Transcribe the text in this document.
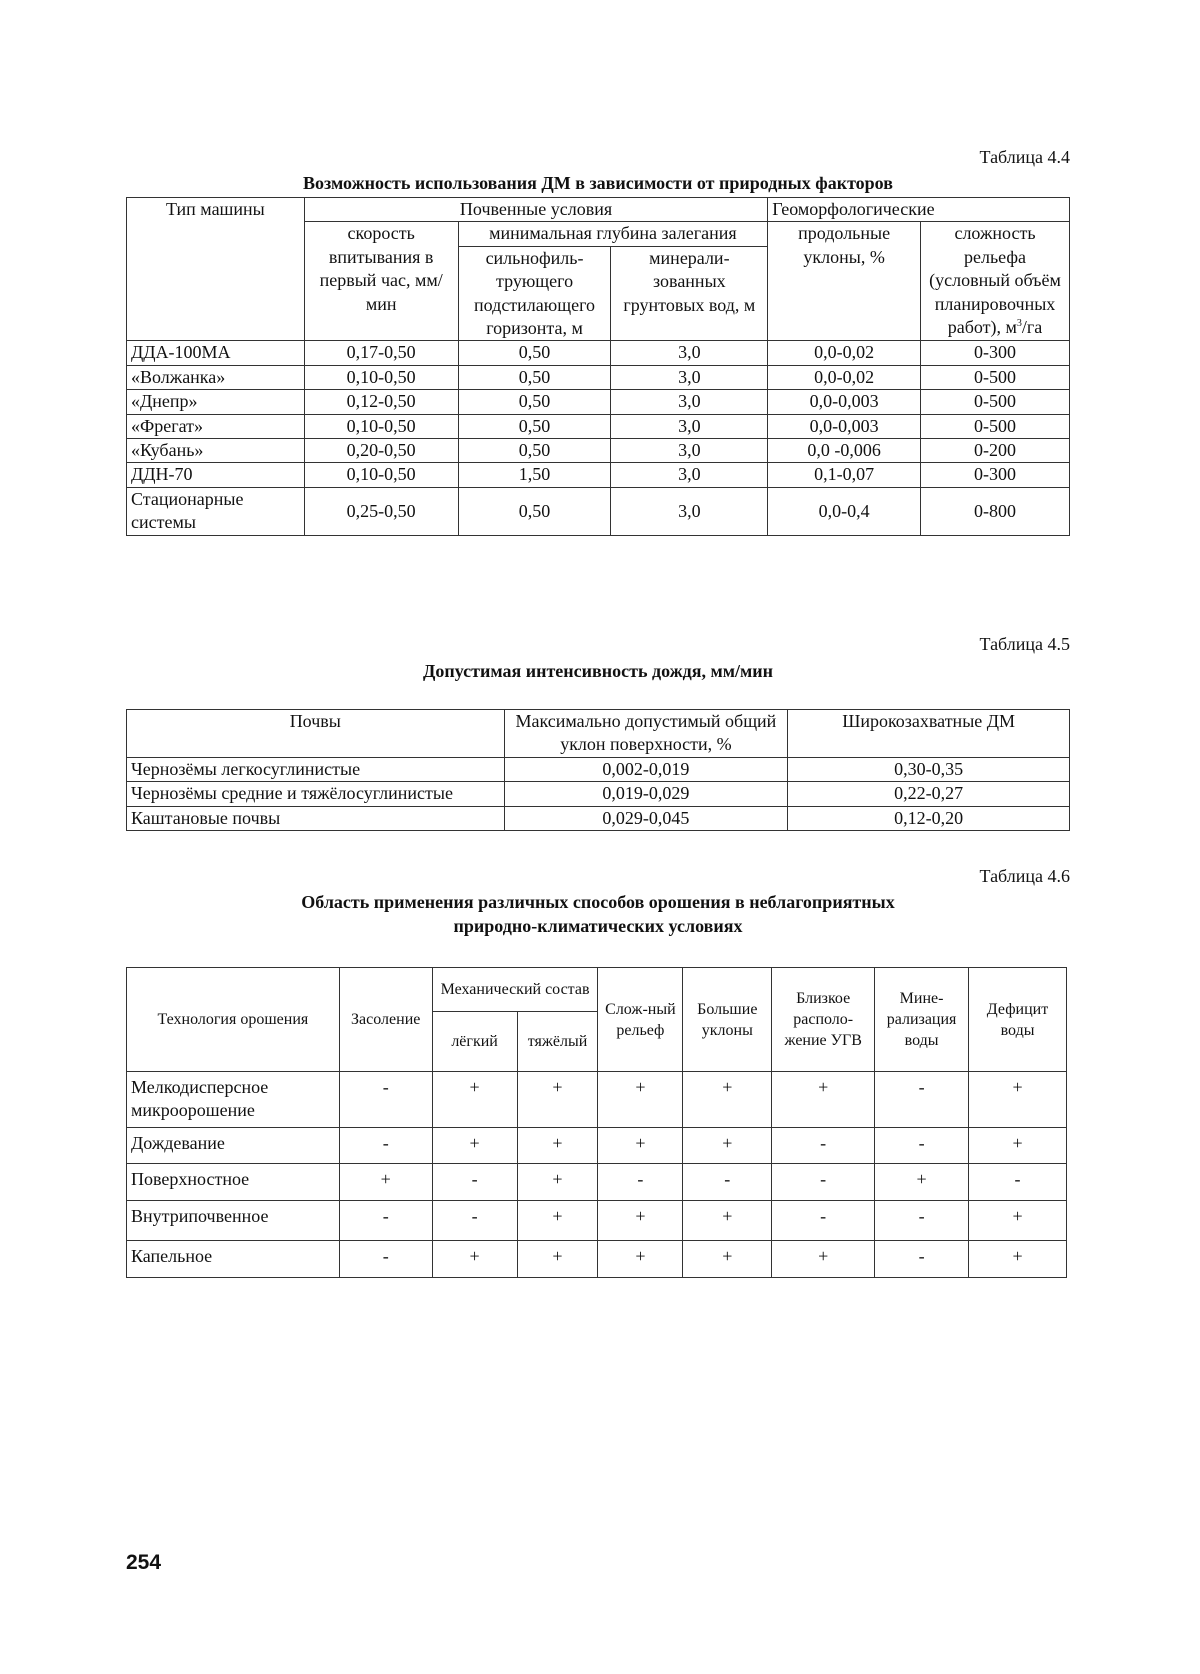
Таблица 4.4
Возможность использования ДМ в зависимости от природных факторов
Тип машины	Почвенные условия			Геоморфологические	
	скорость впитывания в первый час, мм/мин	минимальная глубина залегания		продольные уклоны, %	сложность рельефа (условный объём планировочных работ), $м^3/га$
		сильнофиль-трующего подстилающего горизонта, м	минерали-зованных грунтовых вод, м		
ДДА-100МА	0,17-0,50	0,50	3,0	0,0-0,02	0-300
«Волжанка»	0,10-0,50	0,50	3,0	0,0-0,02	0-500
«Днепр»	0,12-0,50	0,50	3,0	0,0-0,003	0-500
«Фрегат»	0,10-0,50	0,50	3,0	0,0-0,003	0-500
«Кубань»	0,20-0,50	0,50	3,0	0,0 -0,006	0-200
ДДН-70	0,10-0,50	1,50	3,0	0,1-0,07	0-300
Стационарные системы	0,25-0,50	0,50	3,0	0,0-0,4	0-800
Таблица 4.5
Допустимая интенсивность дождя, мм/мин
Почвы	Максимально допустимый общий уклон поверхности, %	Широкозахватные ДМ
Чернозёмы легкосуглинистые	0,002-0,019	0,30-0,35
Чернозёмы средние и тяжёлосуглинистые	0,019-0,029	0,22-0,27
Каштановые почвы	0,029-0,045	0,12-0,20
Таблица 4.6
Область применения различных способов орошения в неблагоприятных
природно-климатических условиях
Технология орошения	Засоление	Механический состав		Слож-ный рельеф	Большие уклоны	Близкое располо-жение УГВ	Мине-рализация воды	Дефицит воды
		лёгкий	тяжёлый					
Мелкодисперсное микроорошение	-	+	+	+	+	+	-	+
Дождевание	-	+	+	+	+	-	-	+
Поверхностное	+	-	+	-	-	-	+	-
Внутрипочвенное	-	-	+	+	+	-	-	+
Капельное	-	+	+	+	+	+	-	+
254
